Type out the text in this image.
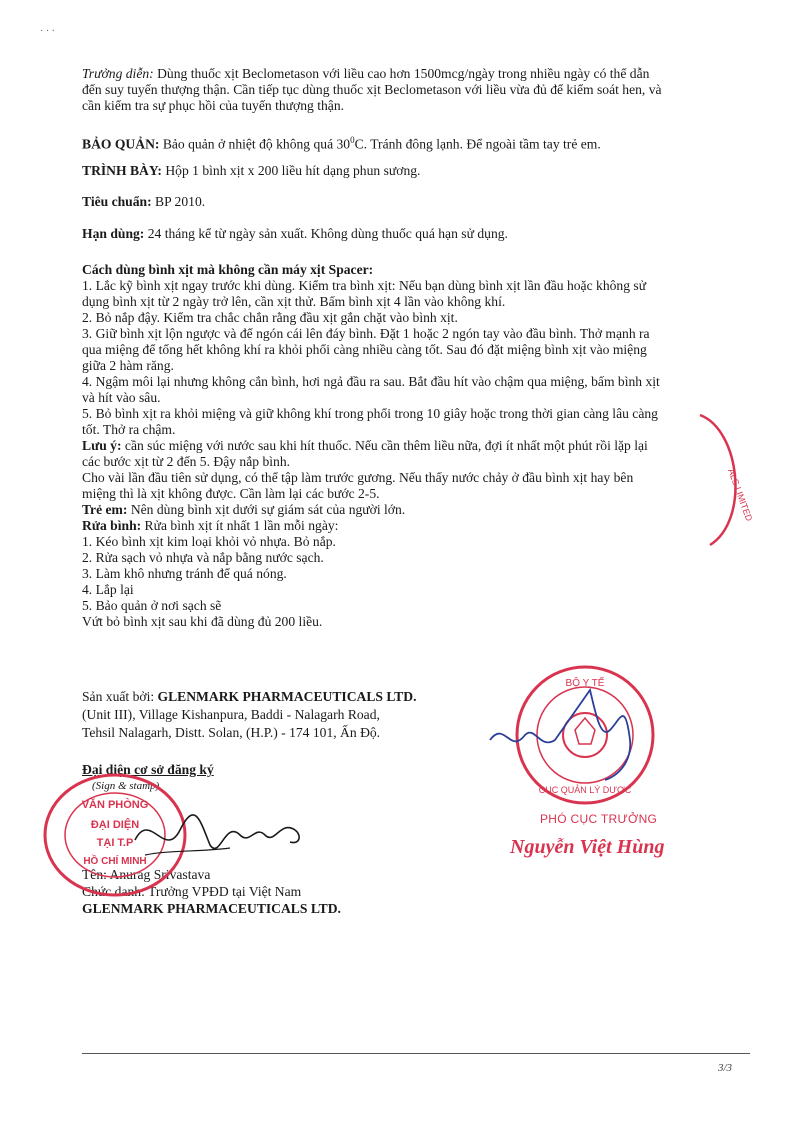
· · ·
Trưởng diễn: Dùng thuốc xịt Beclometason với liều cao hơn 1500mcg/ngày trong nhiều ngày có thể dẫn
đến suy tuyến thượng thận. Cần tiếp tục dùng thuốc xịt Beclometason với liều vừa đủ để kiểm soát hen, và
cần kiểm tra sự phục hồi của tuyến thượng thận.
BẢO QUẢN: Bảo quản ở nhiệt độ không quá $30^0C$. Tránh đông lạnh. Để ngoài tầm tay trẻ em.
TRÌNH BÀY: Hộp 1 bình xịt x 200 liều hít dạng phun sương.
Tiêu chuẩn: BP 2010.
Hạn dùng: 24 tháng kể từ ngày sản xuất. Không dùng thuốc quá hạn sử dụng.
Cách dùng bình xịt mà không cần máy xịt Spacer:
1. Lắc kỹ bình xịt ngay trước khi dùng. Kiểm tra bình xịt: Nếu bạn dùng bình xịt lần đầu hoặc không sử
dụng bình xịt từ 2 ngày trở lên, cần xịt thử. Bấm bình xịt 4 lần vào không khí.
2. Bỏ nắp đậy. Kiểm tra chắc chắn rằng đầu xịt gắn chặt vào bình xịt.
3. Giữ bình xịt lộn ngược và để ngón cái lên đáy bình. Đặt 1 hoặc 2 ngón tay vào đầu bình. Thở mạnh ra
qua miệng để tống hết không khí ra khỏi phổi càng nhiều càng tốt. Sau đó đặt miệng bình xịt vào miệng
giữa 2 hàm răng.
4. Ngậm môi lại nhưng không cắn bình, hơi ngả đầu ra sau. Bắt đầu hít vào chậm qua miệng, bấm bình xịt
và hít vào sâu.
5. Bỏ bình xịt ra khỏi miệng và giữ không khí trong phổi trong 10 giây hoặc trong thời gian càng lâu càng
tốt. Thở ra chậm.
Lưu ý: cần súc miệng với nước sau khi hít thuốc. Nếu cần thêm liều nữa, đợi ít nhất một phút rồi lặp lại
các bước xịt từ 2 đến 5. Đậy nắp bình.
Cho vài lần đầu tiên sử dụng, có thể tập làm trước gương. Nếu thấy nước chảy ở đầu bình xịt hay bên
miệng thì là xịt không được. Cần làm lại các bước 2-5.
Trẻ em: Nên dùng bình xịt dưới sự giám sát của người lớn.
Rửa bình: Rửa bình xịt ít nhất 1 lần mỗi ngày:
1. Kéo bình xịt kim loại khỏi vỏ nhựa. Bỏ nắp.
2. Rửa sạch vỏ nhựa và nắp bằng nước sạch.
3. Làm khô nhưng tránh để quá nóng.
4. Lắp lại
5. Bảo quản ở nơi sạch sẽ
Vứt bỏ bình xịt sau khi đã dùng đủ 200 liều.
Sản xuất bởi: GLENMARK PHARMACEUTICALS LTD.
(Unit III), Village Kishanpura, Baddi - Nalagarh Road,
Tehsil Nalagarh, Distt. Solan, (H.P.) - 174 101, Ấn Độ.
Đại diện cơ sở đăng ký
(Sign & stamp)
Tên: Anurag Srivastava
Chức danh: Trưởng VPĐD tại Việt Nam
GLENMARK PHARMACEUTICALS LTD.
VĂN PHÒNG
ĐẠI DIỆN
TẠI T.P
HỒ CHÍ MINH
BỘ Y TẾ
CỤC QUẢN LÝ DƯỢC
ALS LIMITED
PHÓ CỤC TRƯỞNG
Nguyễn Việt Hùng
3/3
